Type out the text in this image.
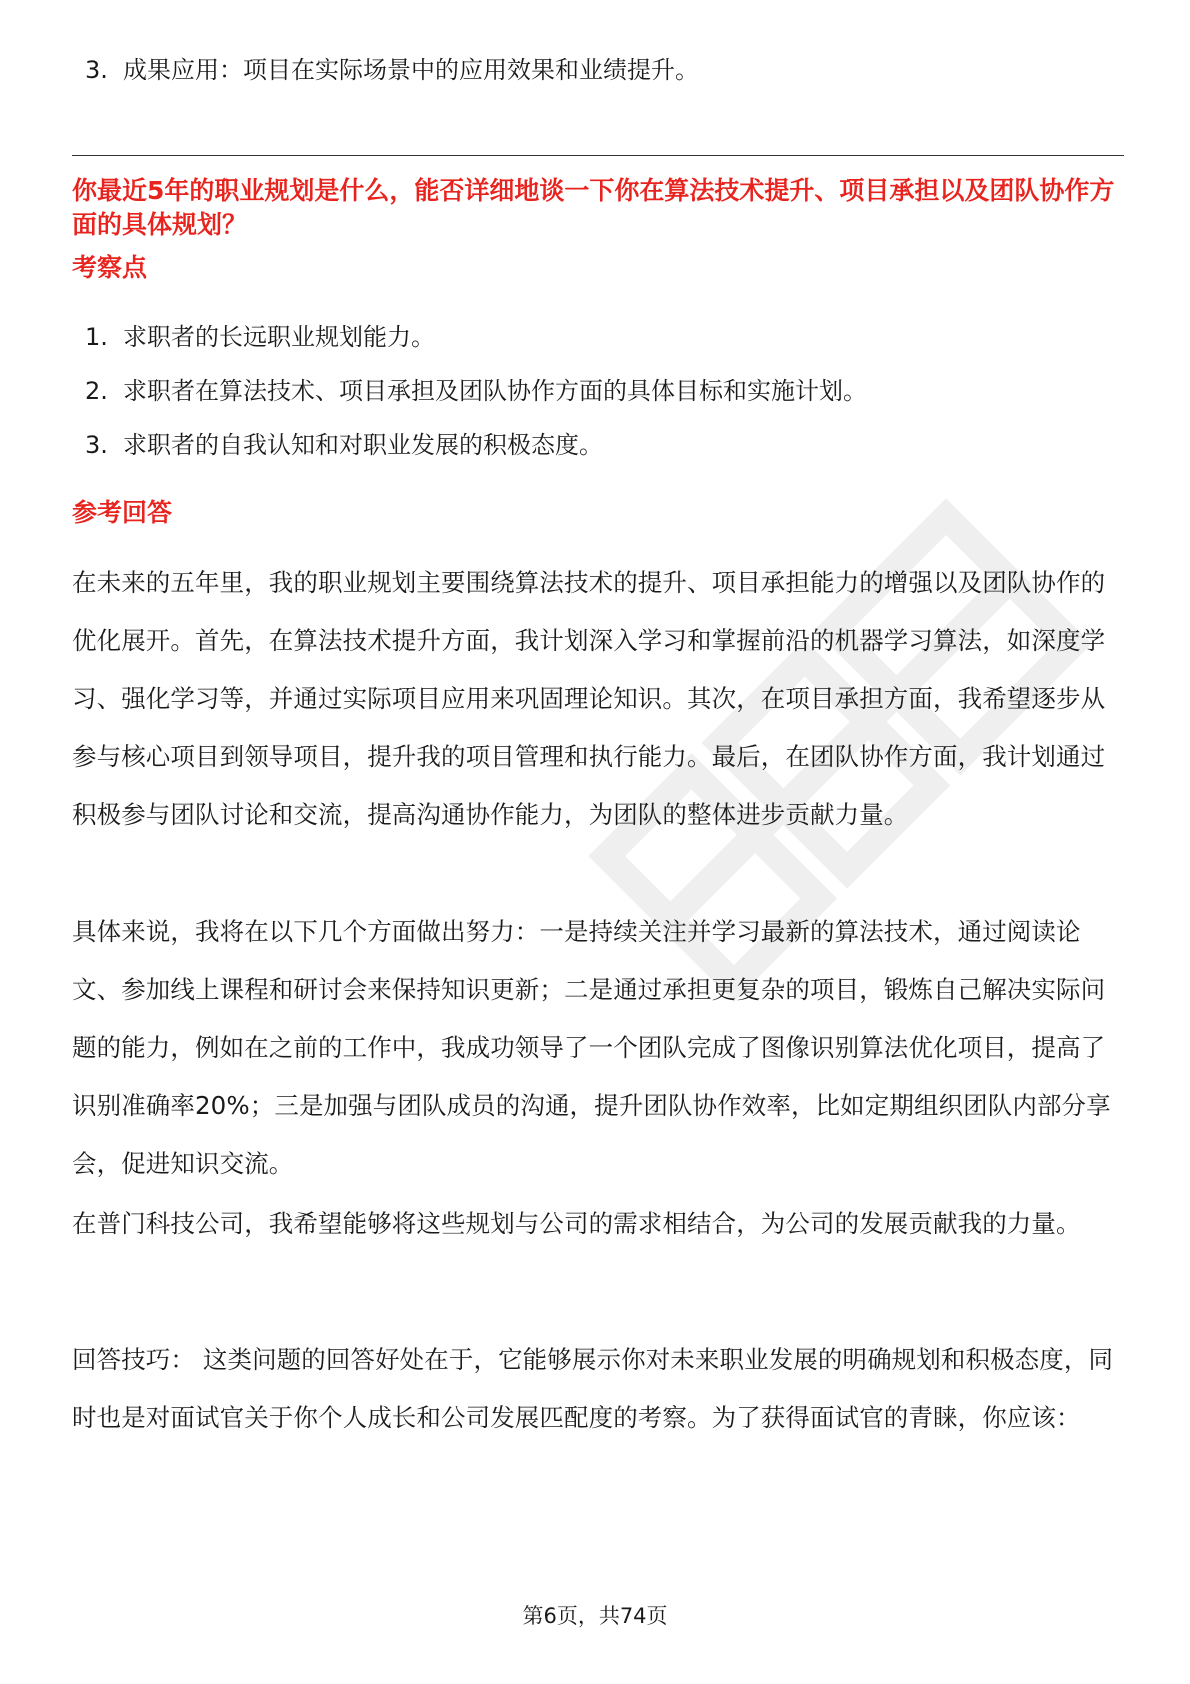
3. 成果应用：项目在实际场景中的应用效果和业绩提升。
你最近5年的职业规划是什么，能否详细地谈一下你在算法技术提升、项目承担以及团队协作方面的具体规划？
考察点
1. 求职者的长远职业规划能力。
2. 求职者在算法技术、项目承担及团队协作方面的具体目标和实施计划。
3. 求职者的自我认知和对职业发展的积极态度。
参考回答
在未来的五年里，我的职业规划主要围绕算法技术的提升、项目承担能力的增强以及团队协作的优化展开。首先，在算法技术提升方面，我计划深入学习和掌握前沿的机器学习算法，如深度学习、强化学习等，并通过实际项目应用来巩固理论知识。其次，在项目承担方面，我希望逐步从参与核心项目到领导项目，提升我的项目管理和执行能力。最后，在团队协作方面，我计划通过积极参与团队讨论和交流，提高沟通协作能力，为团队的整体进步贡献力量。
具体来说，我将在以下几个方面做出努力：一是持续关注并学习最新的算法技术，通过阅读论文、参加线上课程和研讨会来保持知识更新；二是通过承担更复杂的项目，锻炼自己解决实际问题的能力，例如在之前的工作中，我成功领导了一个团队完成了图像识别算法优化项目，提高了识别准确率20%；三是加强与团队成员的沟通，提升团队协作效率，比如定期组织团队内部分享会，促进知识交流。
在普门科技公司，我希望能够将这些规划与公司的需求相结合，为公司的发展贡献我的力量。
回答技巧： 这类问题的回答好处在于，它能够展示你对未来职业发展的明确规划和积极态度，同时也是对面试官关于你个人成长和公司发展匹配度的考察。为了获得面试官的青睐，你应该：
第6页，共74页
